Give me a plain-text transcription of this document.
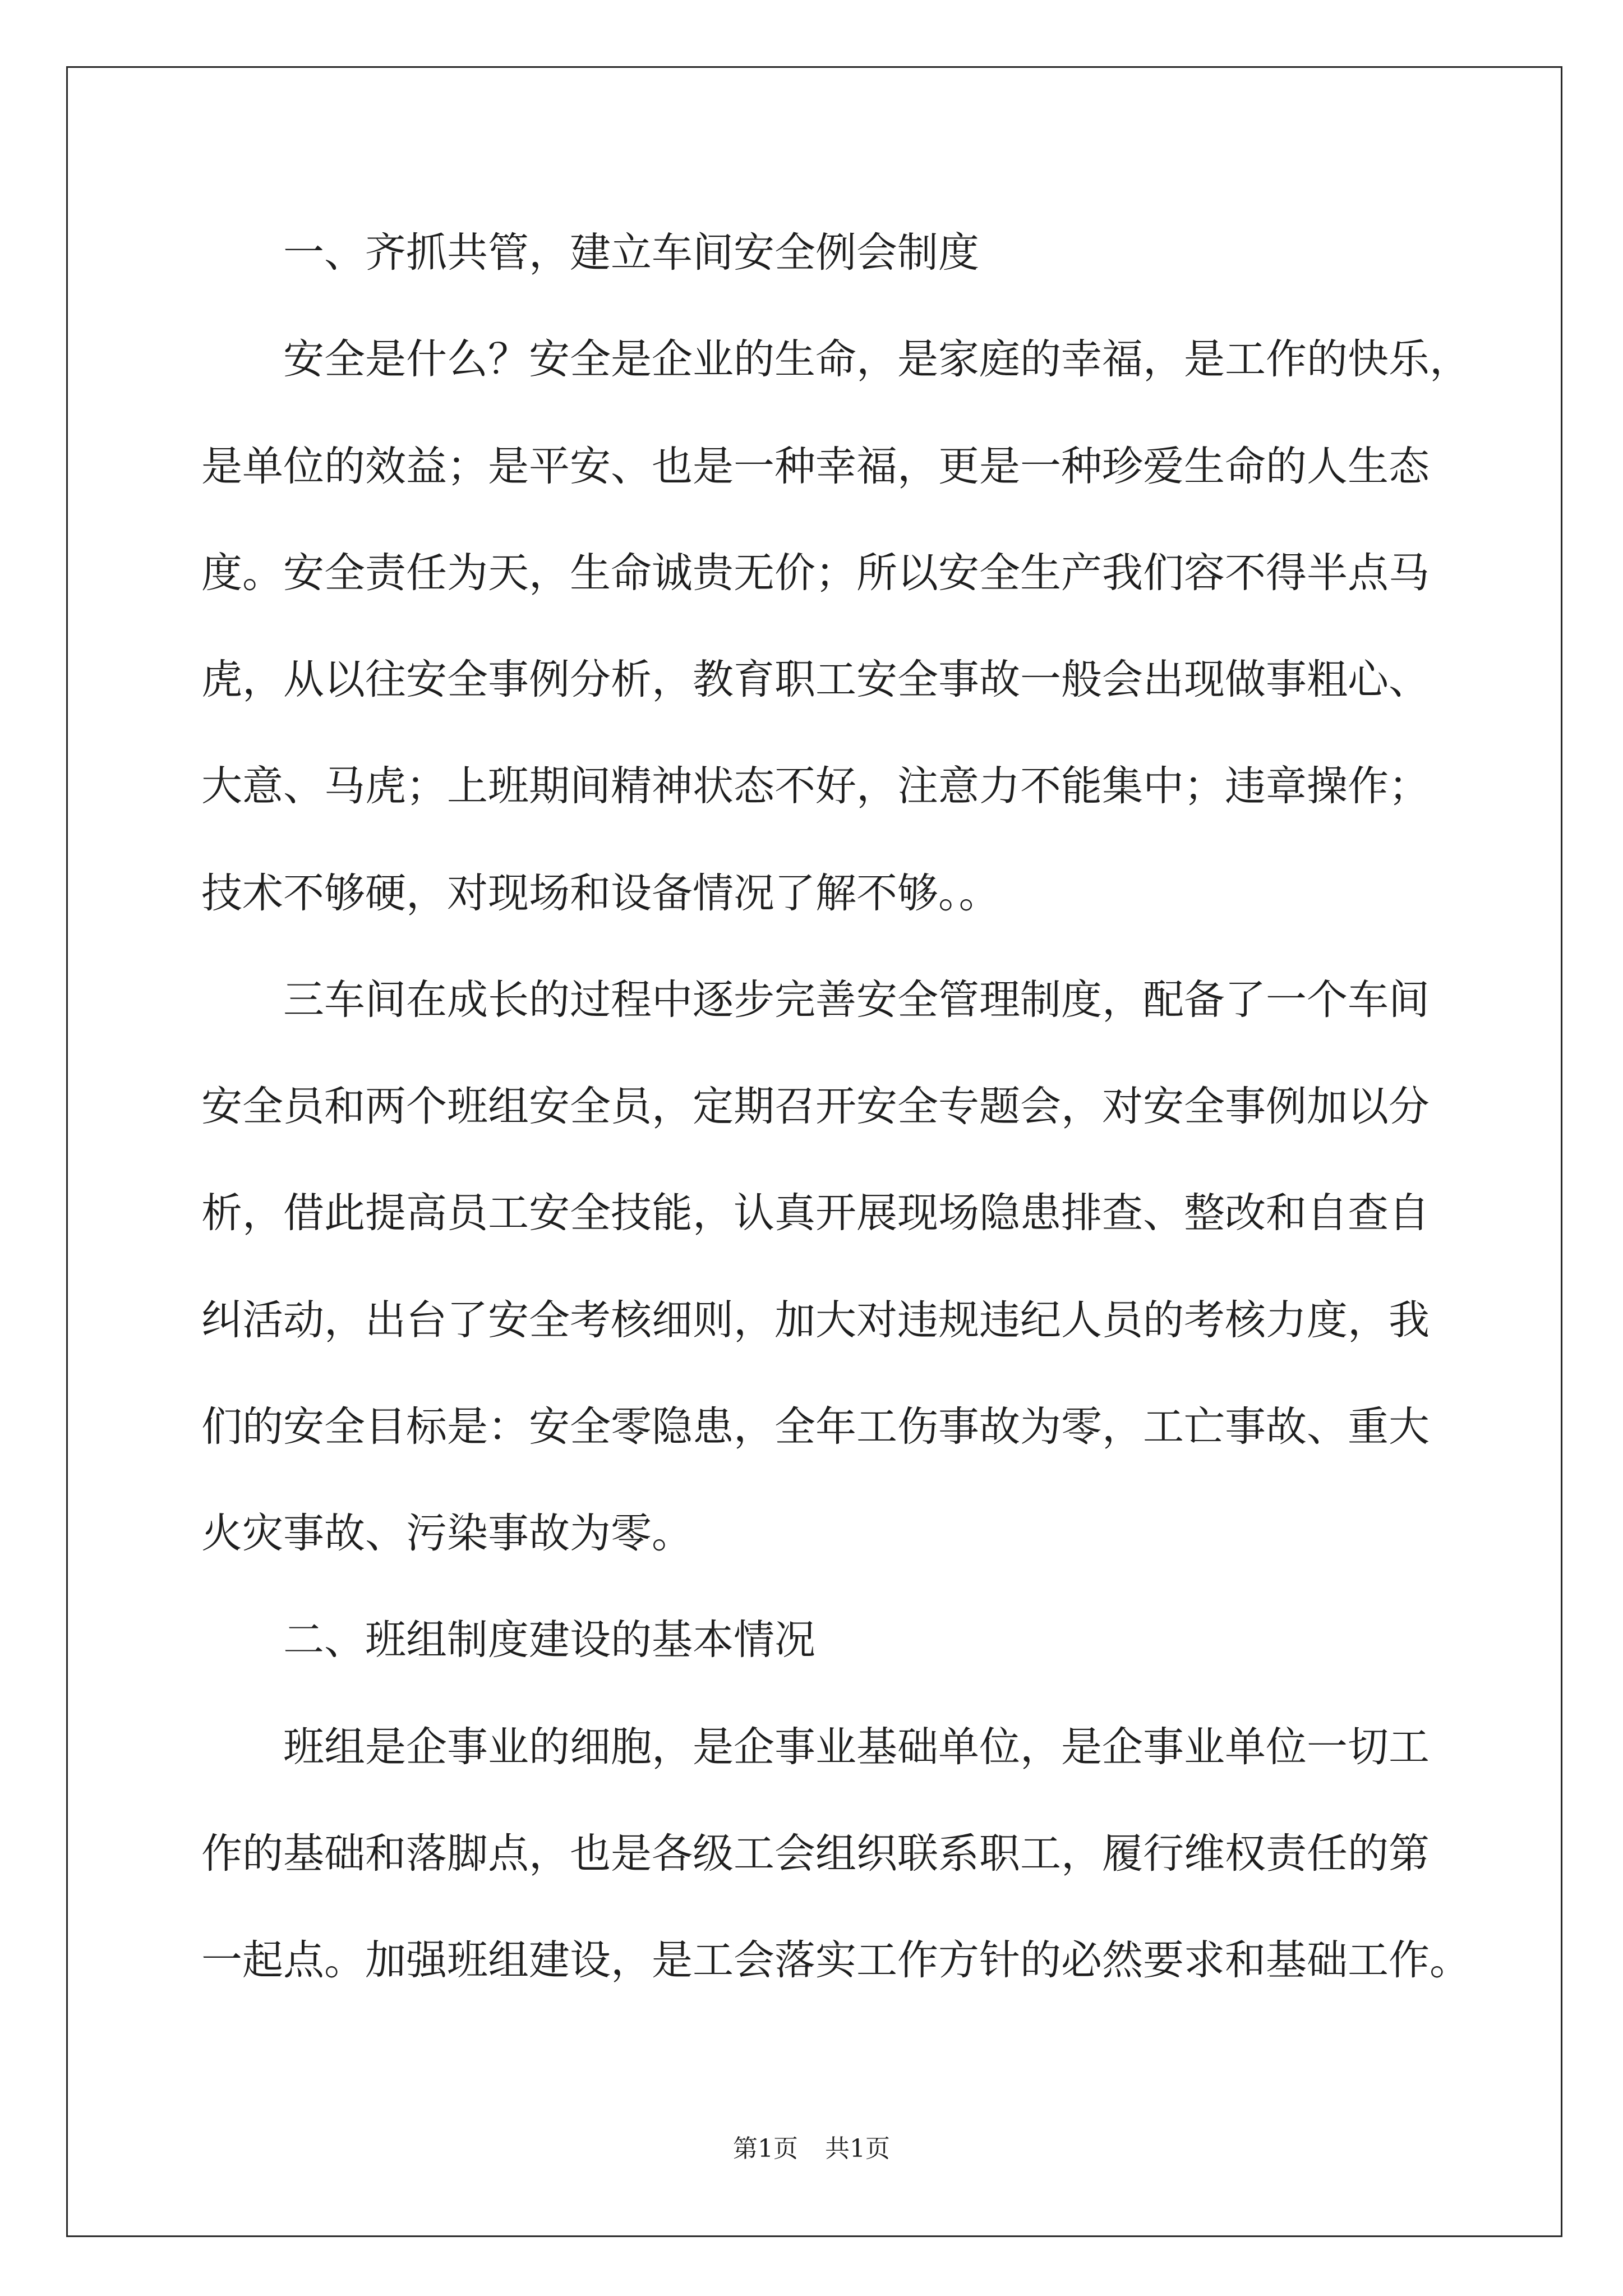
一、齐抓共管，建立车间安全例会制度
安全是什么？安全是企业的生命，是家庭的幸福，是工作的快乐，
是单位的效益；是平安、也是一种幸福，更是一种珍爱生命的人生态
度。安全责任为天，生命诚贵无价；所以安全生产我们容不得半点马
虎，从以往安全事例分析，教育职工安全事故一般会出现做事粗心、
大意、马虎；上班期间精神状态不好，注意力不能集中；违章操作；
技术不够硬，对现场和设备情况了解不够。。
三车间在成长的过程中逐步完善安全管理制度，配备了一个车间
安全员和两个班组安全员，定期召开安全专题会，对安全事例加以分
析，借此提高员工安全技能，认真开展现场隐患排查、整改和自查自
纠活动，出台了安全考核细则，加大对违规违纪人员的考核力度，我
们的安全目标是：安全零隐患，全年工伤事故为零，工亡事故、重大
火灾事故、污染事故为零。
二、班组制度建设的基本情况
班组是企事业的细胞，是企事业基础单位，是企事业单位一切工
作的基础和落脚点，也是各级工会组织联系职工，履行维权责任的第
一起点。加强班组建设，是工会落实工作方针的必然要求和基础工作。
第1页 共1页
